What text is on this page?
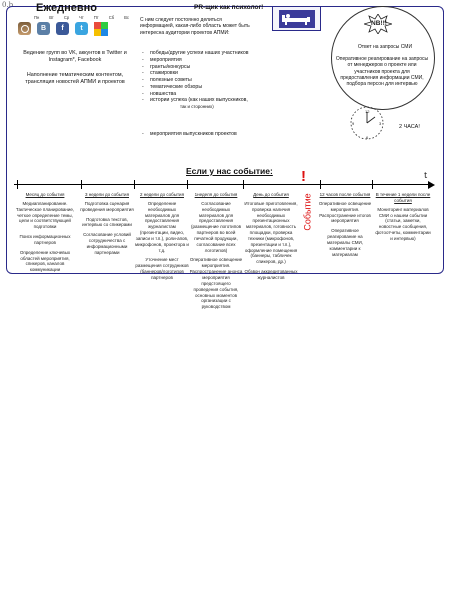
0.b Ежедневно
Пн Вт Ср Чт Пт Сб Вс
B	f	t
Ведение групп во VK, аккунтов в Twitter и Instagram*, Facebook
Наполнение тематическим контентом, трансляция новостей АПМИ и проектов
PR-щик как психолог!
С ним следует постоянно делиться информацией, какая-либо область может быть интересна аудитории проектов АПМИ:
-	победы/другие успехи наших участников
-	мероприятия
-	гранты/конкурсы
-	стажировки
-	полезные советы
-	тематические обзоры
-	новшества
-	истории успеха (как наших выпускников,
так и сторонних)
-	мероприятия выпускников проектов
NB!!!
Ответ на запросы СМИ
Оперативное реагирование на запросы от менеджеров о проекте или участников проекта для предоставления информации СМИ, подбора персон для интервью
12
3
6
9
2 ЧАСА!
Если у нас событие:	t
!
Событие
Месяц до события
Медиапланирование. Тактическое планирование, четкое определение темы, цели и соответствующей подготовки
Поиск информационных партнеров
Определение ключевых областей мероприятия, спикеров, каналов коммуникации
3 недели до события
Подготовка сценария проведения мероприятия
Подготовка текстов, интервью со спикерами
Согласование условий сотрудничества с информационными партнерами
2 недели до события
Определение необходимых материалов для предоставления журналистам (презентации, видео, записи и т.п.), роли-апов, микрофонов, проектора и т.д.
Уточнение мест размещения сотрудников (баннеров/логотипов партнеров
1неделя до события
Согласование необходимых материалов для предоставления (размещение логотипов партнеров во всей печатной продукции, согласование всех логотипов)
Оперативное освещение мероприятия. Распространение анонса мероприятия предстоящего проведения события, основных моментов организации с руководством
День до события
Итоговые приготовления, проверка наличия необходимых презентационных материалов, готовность площадки, проверка техники (микрофонов, презентации и т.п.), оформление помещения (баннеры, табличек спикеров, др.)
Обзвон аккредитованных журналистов
12 часов после события
Оперативное освещение мероприятия. Распространение итогов мероприятия
Оперативное реагирование на материалы СМИ, комментарии к материалам
В течение 1 недели после события
Мониторинг материалов СМИ о нашем событии (статьи, заметки, новостные сообщения, фотоотчеты, комментарии и интервью)
